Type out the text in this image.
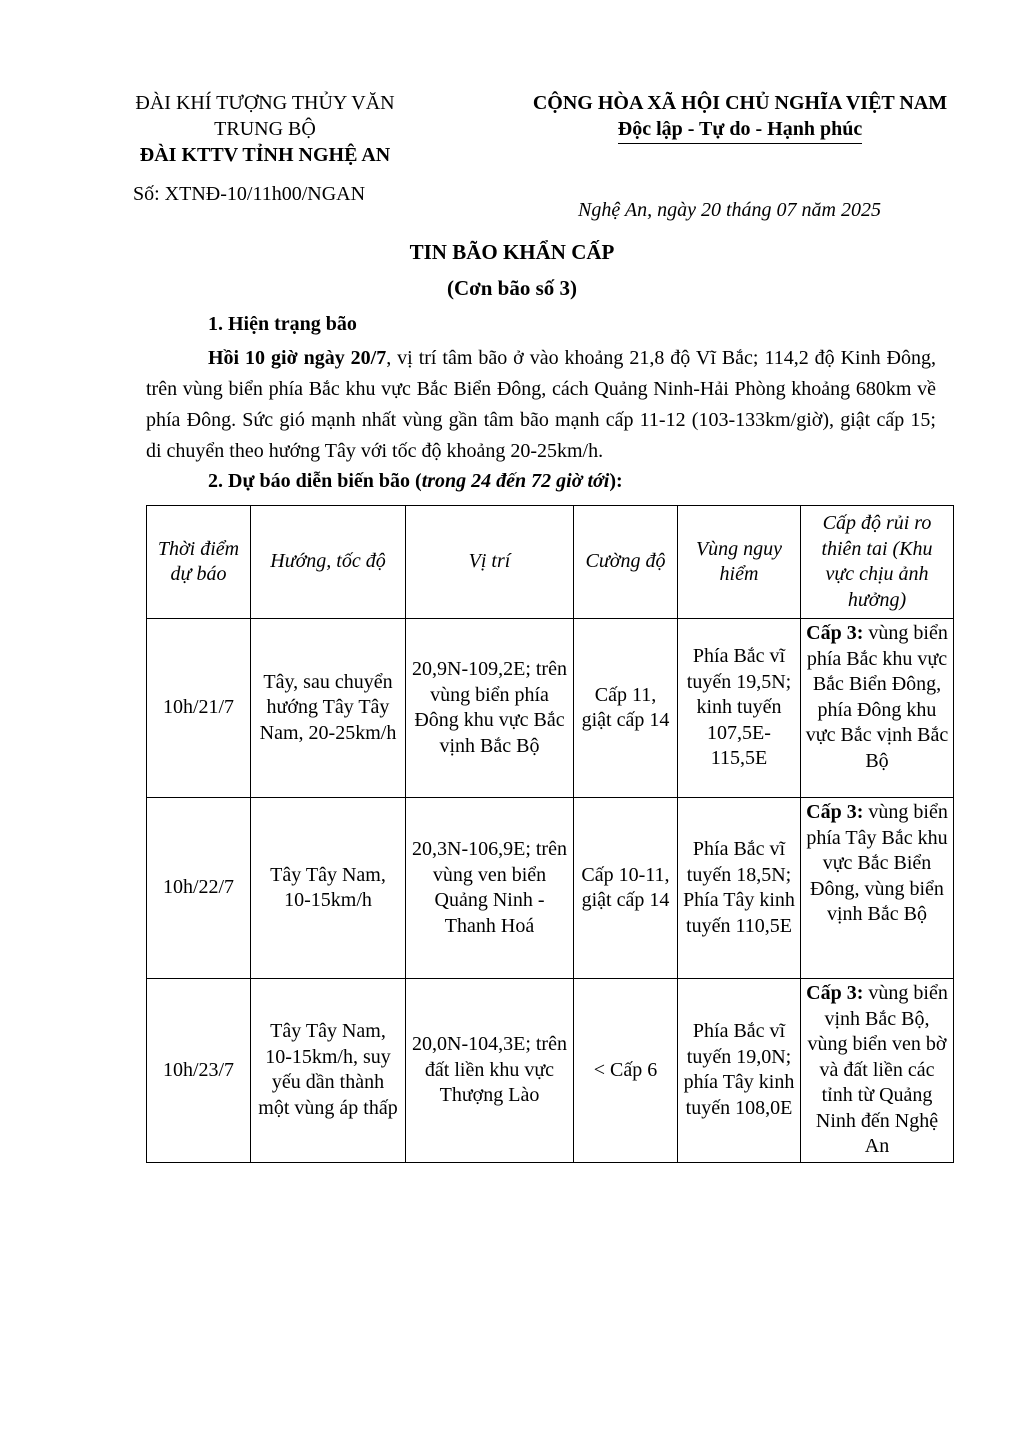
ĐÀI KHÍ TƯỢNG THỦY VĂN
TRUNG BỘ
ĐÀI KTTV TỈNH NGHỆ AN
CỘNG HÒA XÃ HỘI CHỦ NGHĨA VIỆT NAM
Độc lập - Tự do - Hạnh phúc
Số: XTNĐ-10/11h00/NGAN
Nghệ An, ngày 20 tháng 07 năm 2025
TIN BÃO KHẨN CẤP
(Cơn bão số 3)
1. Hiện trạng bão
Hồi 10 giờ ngày 20/7, vị trí tâm bão ở vào khoảng 21,8 độ Vĩ Bắc; 114,2 độ Kinh Đông, trên vùng biển phía Bắc khu vực Bắc Biển Đông, cách Quảng Ninh-Hải Phòng khoảng 680km về phía Đông. Sức gió mạnh nhất vùng gần tâm bão mạnh cấp 11-12 (103-133km/giờ), giật cấp 15; di chuyển theo hướng Tây với tốc độ khoảng 20-25km/h.
2. Dự báo diễn biến bão (trong 24 đến 72 giờ tới):
Thời điểm dự báo	Hướng, tốc độ	Vị trí	Cường độ	Vùng nguy hiểm	Cấp độ rủi ro thiên tai (Khu vực chịu ảnh hưởng)
10h/21/7	Tây, sau chuyển hướng Tây Tây Nam, 20-25km/h	20,9N-109,2E; trên vùng biển phía Đông khu vực Bắc vịnh Bắc Bộ	Cấp 11, giật cấp 14	Phía Bắc vĩ tuyến 19,5N; kinh tuyến 107,5E-115,5E	Cấp 3: vùng biển phía Bắc khu vực Bắc Biển Đông, phía Đông khu vực Bắc vịnh Bắc Bộ
10h/22/7	Tây Tây Nam, 10-15km/h	20,3N-106,9E; trên vùng ven biển Quảng Ninh - Thanh Hoá	Cấp 10-11, giật cấp 14	Phía Bắc vĩ tuyến 18,5N; Phía Tây kinh tuyến 110,5E	Cấp 3: vùng biển phía Tây Bắc khu vực Bắc Biển Đông, vùng biển vịnh Bắc Bộ
10h/23/7	Tây Tây Nam, 10-15km/h, suy yếu dần thành một vùng áp thấp	20,0N-104,3E; trên đất liền khu vực Thượng Lào	< Cấp 6	Phía Bắc vĩ tuyến 19,0N; phía Tây kinh tuyến 108,0E	Cấp 3: vùng biển vịnh Bắc Bộ, vùng biển ven bờ và đất liền các tỉnh từ Quảng Ninh đến Nghệ An
